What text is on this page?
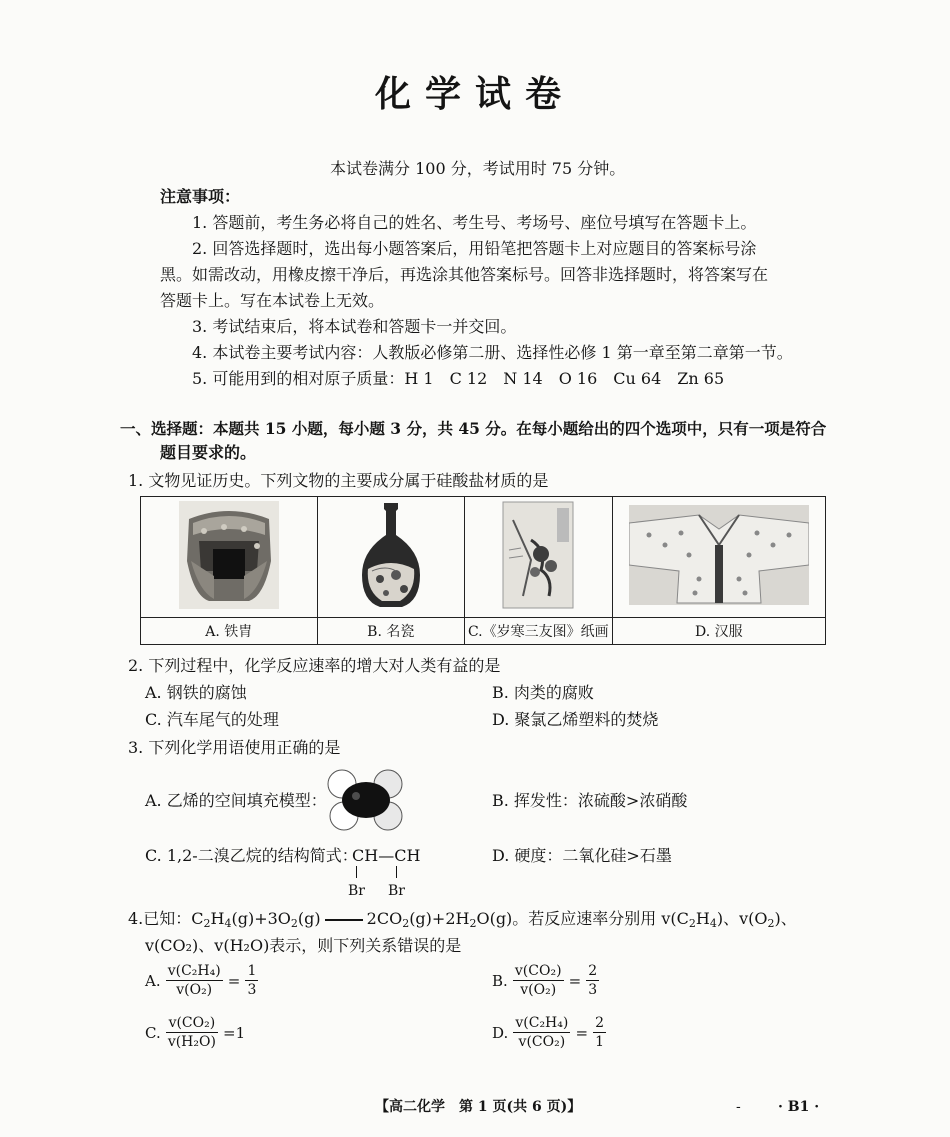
化学试卷
本试卷满分 100 分，考试用时 75 分钟。
注意事项：
1. 答题前，考生务必将自己的姓名、考生号、考场号、座位号填写在答题卡上。
2. 回答选择题时，选出每小题答案后，用铅笔把答题卡上对应题目的答案标号涂
黑。如需改动，用橡皮擦干净后，再选涂其他答案标号。回答非选择题时，将答案写在
答题卡上。写在本试卷上无效。
3. 考试结束后，将本试卷和答题卡一并交回。
4. 本试卷主要考试内容：人教版必修第二册、选择性必修 1 第一章至第二章第一节。
5. 可能用到的相对原子质量：H 1　C 12　N 14　O 16　Cu 64　Zn 65
一、选择题：本题共 15 小题，每小题 3 分，共 45 分。在每小题给出的四个选项中，只有一项是符合
题目要求的。
1. 文物见证历史。下列文物的主要成分属于硅酸盐材质的是

A. 铁胄	B. 名瓷	C.《岁寒三友图》纸画	D. 汉服
2. 下列过程中，化学反应速率的增大对人类有益的是
A. 钢铁的腐蚀	B. 肉类的腐败
C. 汽车尾气的处理	D. 聚氯乙烯塑料的焚烧
3. 下列化学用语使用正确的是
A. 乙烯的空间填充模型：	B. 挥发性：浓硫酸>浓硝酸
C. 1,2-二溴乙烷的结构简式：
CH—CH
Br Br
D. 硬度：二氧化硅>石墨
4.已知：$C_2H_4(g)+3O_2(g)$	$2CO_2(g)+2H_2O(g)$。若反应速率分别用 $v(C_2H_4)$、$v(O_2)$、
v(CO₂)、v(H₂O)表示，则下列关系错误的是
A. $\frac{\text{v(C₂H₄)}}{\text{v(O₂)}} = \frac{1}{3}$	B. $\frac{\text{v(CO₂)}}{\text{v(O₂)}} = \frac{2}{3}$
C. $\frac{\text{v(CO₂)}}{\text{v(H₂O)}} =1$	D. $\frac{\text{v(C₂H₄)}}{\text{v(CO₂)}} = \frac{2}{1}$
【高二化学　第 1 页(共 6 页)】	-	· B1 ·
